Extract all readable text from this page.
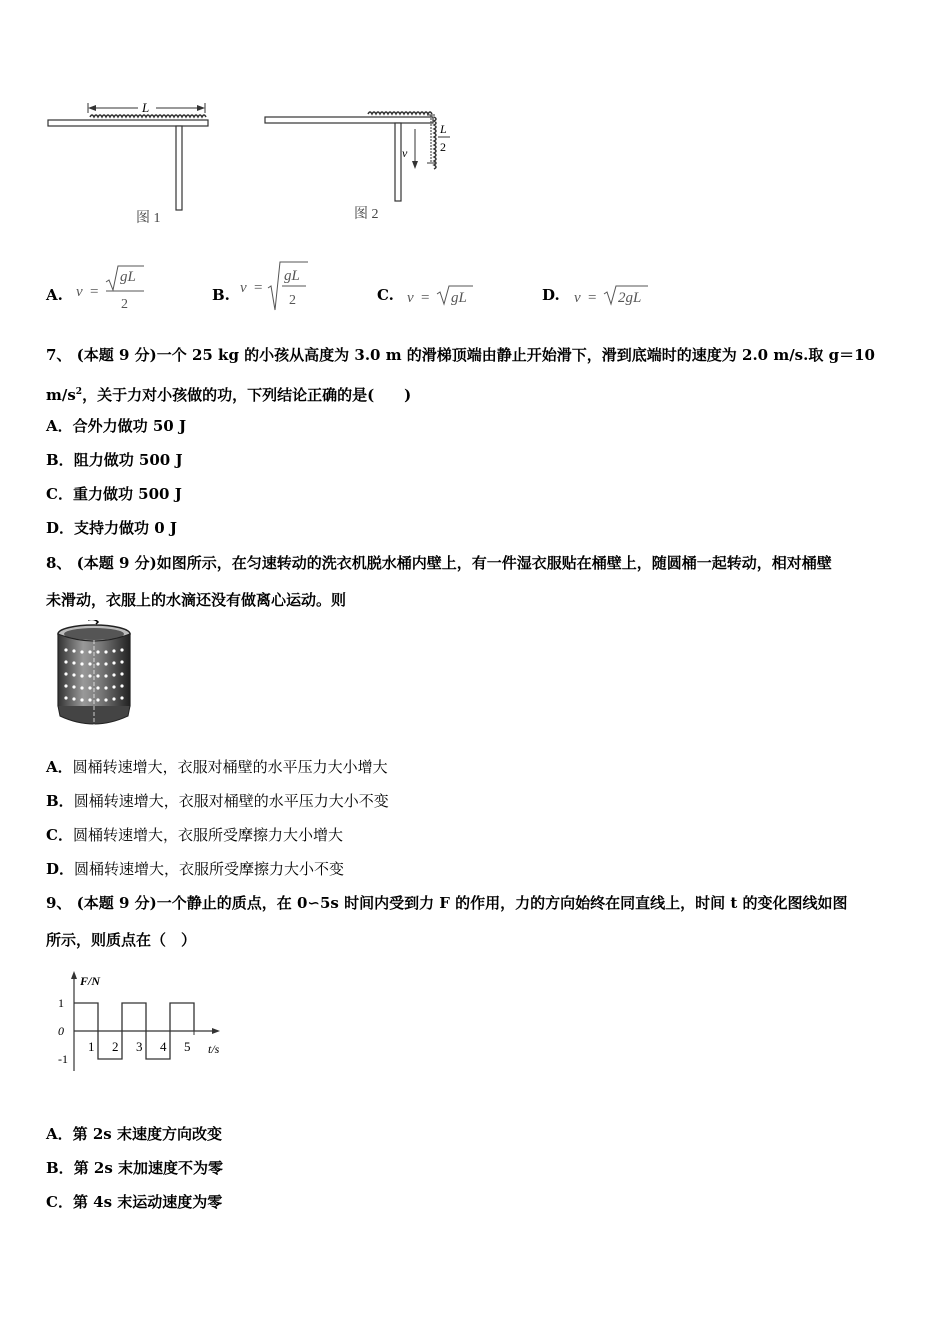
L
图 1
v
L
2
图 2
A. v =
gL
2
B. v =
gL
2	C. v = gL	D. v = 2gL
7、 (本题 9 分)一个 25 kg 的小孩从高度为 3.0 m 的滑梯顶端由静止开始滑下，滑到底端时的速度为 2.0 m/s.取 g＝10
$m/s^2$，关于力对小孩做的功，下列结论正确的是(　　)
A．合外力做功 50 J
B．阻力做功 500 J
C．重力做功 500 J
D．支持力做功 0 J
8、 (本题 9 分)如图所示，在匀速转动的洗衣机脱水桶内壁上，有一件湿衣服贴在桶壁上，随圆桶一起转动，相对桶壁
未滑动，衣服上的水滴还没有做离心运动。则
A．圆桶转速增大，衣服对桶壁的水平压力大小增大
B．圆桶转速增大，衣服对桶壁的水平压力大小不变
C．圆桶转速增大，衣服所受摩擦力大小增大
D．圆桶转速增大，衣服所受摩擦力大小不变
9、 (本题 9 分)一个静止的质点，在 0∽5s 时间内受到力 F 的作用，力的方向始终在同直线上，时间 t 的变化图线如图
所示，则质点在（　）
F/N
t/s
1 2 3 4 5
1
0
-1
A．第 2s 末速度方向改变
B．第 2s 末加速度不为零
C．第 4s 末运动速度为零
